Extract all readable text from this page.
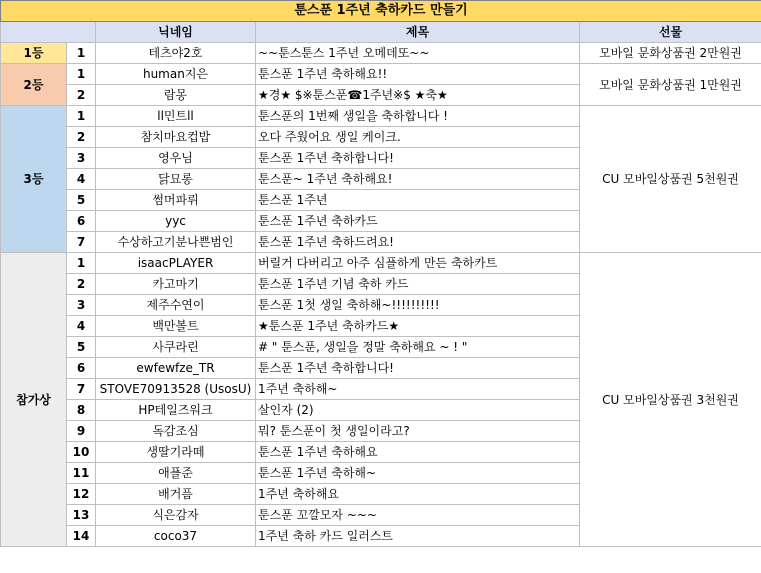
툰스푼 1주년 축하카드 만들기				
		닉네임	제목	선물
1등	1	테츠야2호	~~툰스툰스 1주년 오메데또~~	모바일 문화상품권 2만원권
2등	1	human지은	툰스푼 1주년 축하해요!!	모바일 문화상품권 1만원권
	2	람몽	★경★ $※툰스푼☎1주년※$ ★축★	
3등	1	ll민트ll	툰스푼의 1번째 생일을 축하합니다 !	CU 모바일상품권 5천원권
	2	참치마요컵밥	오다 주웠어요 생일 케이크.	
	3	영우님	툰스푼 1주년 축하합니다!	
	4	닭묘롱	툰스푼~ 1주년 축하해요!	
	5	썸머파뤼	툰스푼 1주년	
	6	yyc	툰스푼 1주년 축하카드	
	7	수상하고기분나쁜범인	툰스푼 1주년 축하드려요!	
참가상	1	isaacPLAYER	버릴거 다버리고 아주 심플하게 만든 축하카트	CU 모바일상품권 3천원권
	2	카고마기	툰스푼 1주년 기념 축하 카드	
	3	제주수연이	툰스푼 1첫 생일 축하해~!!!!!!!!!!	
	4	백만볼트	★툰스푼 1주년 축하카드★	
	5	사쿠라린	# " 툰스푼, 생일을 정말 축하해요 ~ ! "	
	6	ewfewfze_TR	툰스푼 1주년 축하합니다!	
	7	STOVE70913528 (UsosU)	1주년 축하해~	
	8	HP테일즈워크	살인자 (2)	
	9	독감조심	뭐? 툰스푼이 첫 생일이라고?	
	10	생딸기라떼	툰스푼 1주년 축하해요	
	11	애플준	툰스푼 1주년 축하해~	
	12	배거픔	1주년 축하해요	
	13	식은감자	툰스푼 꼬깔모자 ~~~	
	14	coco37	1주년 축하 카드 일러스트	
